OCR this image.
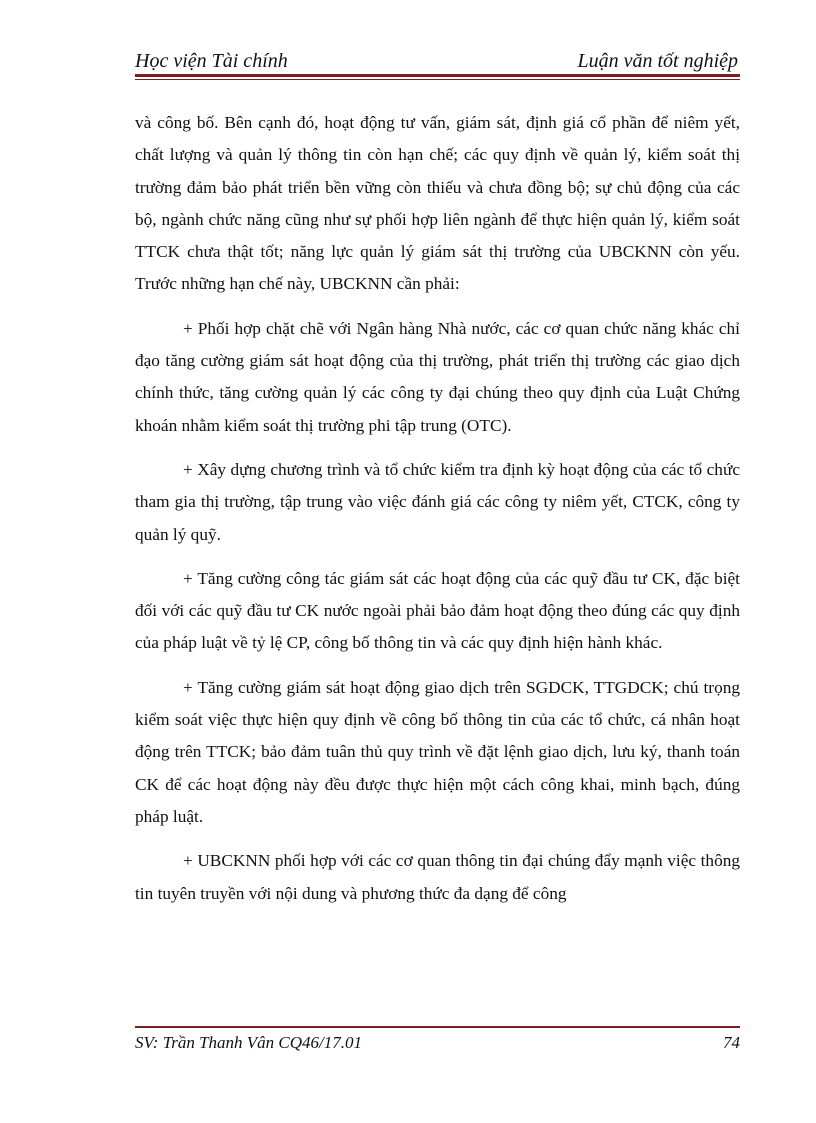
Học viện Tài chính	Luận văn tốt nghiệp

và công bố. Bên cạnh đó, hoạt động tư vấn, giám sát, định giá cổ phần để niêm yết, chất lượng và quản lý thông tin còn hạn chế; các quy định về quản lý, kiểm soát thị trường đảm bảo phát triển bền vững còn thiếu và chưa đồng bộ; sự chủ động của các bộ, ngành chức năng cũng như sự phối hợp liên ngành để thực hiện quản lý, kiểm soát TTCK chưa thật tốt; năng lực quản lý giám sát thị trường của UBCKNN còn yếu. Trước những hạn chế này, UBCKNN cần phải:

+ Phối hợp chặt chẽ với Ngân hàng Nhà nước, các cơ quan chức năng khác chỉ đạo tăng cường giám sát hoạt động của thị trường, phát triển thị trường các giao dịch chính thức, tăng cường quản lý các công ty đại chúng theo quy định của Luật Chứng khoán nhằm kiểm soát thị trường phi tập trung (OTC).

+ Xây dựng chương trình và tổ chức kiểm tra định kỳ hoạt động của các tổ chức tham gia thị trường, tập trung vào việc đánh giá các công ty niêm yết, CTCK, công ty quản lý quỹ.

+ Tăng cường công tác giám sát các hoạt động của các quỹ đầu tư CK, đặc biệt đối với các quỹ đầu tư CK nước ngoài phải bảo đảm hoạt động theo đúng các quy định của pháp luật về tỷ lệ CP, công bố thông tin và các quy định hiện hành khác.

+ Tăng cường giám sát hoạt động giao dịch trên SGDCK, TTGDCK; chú trọng kiểm soát việc thực hiện quy định về công bố thông tin của các tổ chức, cá nhân hoạt động trên TTCK; bảo đảm tuân thủ quy trình về đặt lệnh giao dịch, lưu ký, thanh toán CK để các hoạt động này đều được thực hiện một cách công khai, minh bạch, đúng pháp luật.

+ UBCKNN phối hợp với các cơ quan thông tin đại chúng đẩy mạnh việc thông tin tuyên truyền với nội dung và phương thức đa dạng để công

SV: Trần Thanh Vân CQ46/17.01	74
